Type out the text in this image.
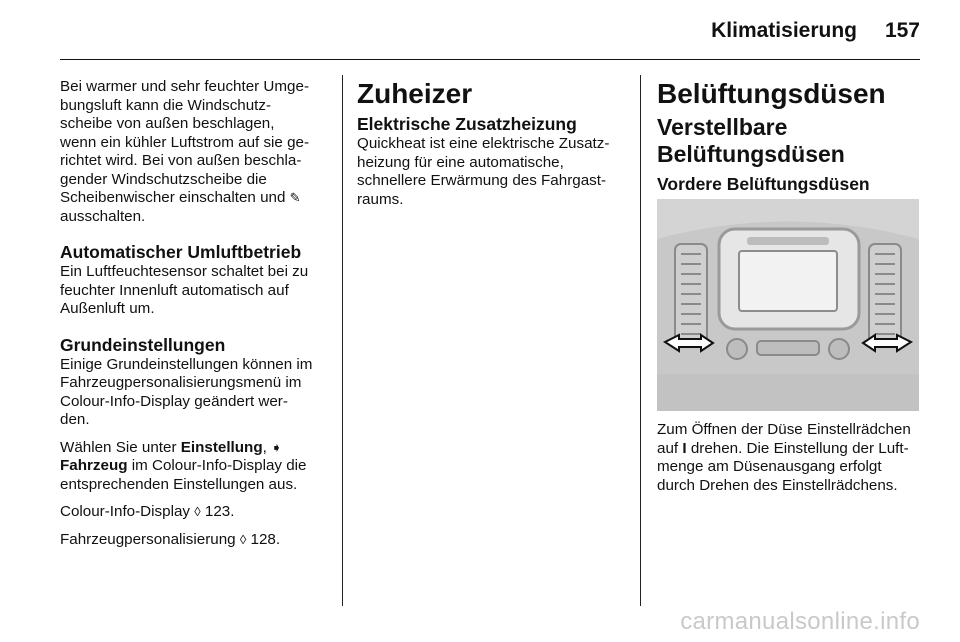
Klimatisierung 157

Bei warmer und sehr feuchter Umge-
bungsluft kann die Windschutz-
scheibe von außen beschlagen,
wenn ein kühler Luftstrom auf sie ge-
richtet wird. Bei von außen beschla-
gender Windschutzscheibe die
Scheibenwischer einschalten und ✎
ausschalten.

Automatischer Umluftbetrieb

Ein Luftfeuchtesensor schaltet bei zu
feuchter Innenluft automatisch auf
Außenluft um.

Grundeinstellungen

Einige Grundeinstellungen können im
Fahrzeugpersonalisierungsmenü im
Colour-Info-Display geändert wer-
den.

Wählen Sie unter Einstellung, ➧
Fahrzeug im Colour-Info-Display die
entsprechenden Einstellungen aus.

Colour-Info-Display ◊ 123.

Fahrzeugpersonalisierung ◊ 128.

Zuheizer
Elektrische Zusatzheizung

Quickheat ist eine elektrische Zusatz-
heizung für eine automatische,
schnellere Erwärmung des Fahrgast-
raums.

Belüftungsdüsen
Verstellbare
Belüftungsdüsen
Vordere Belüftungsdüsen

Zum Öffnen der Düse Einstellrädchen
auf I drehen. Die Einstellung der Luft-
menge am Düsenausgang erfolgt
durch Drehen des Einstellrädchens.

carmanualsonline.info
